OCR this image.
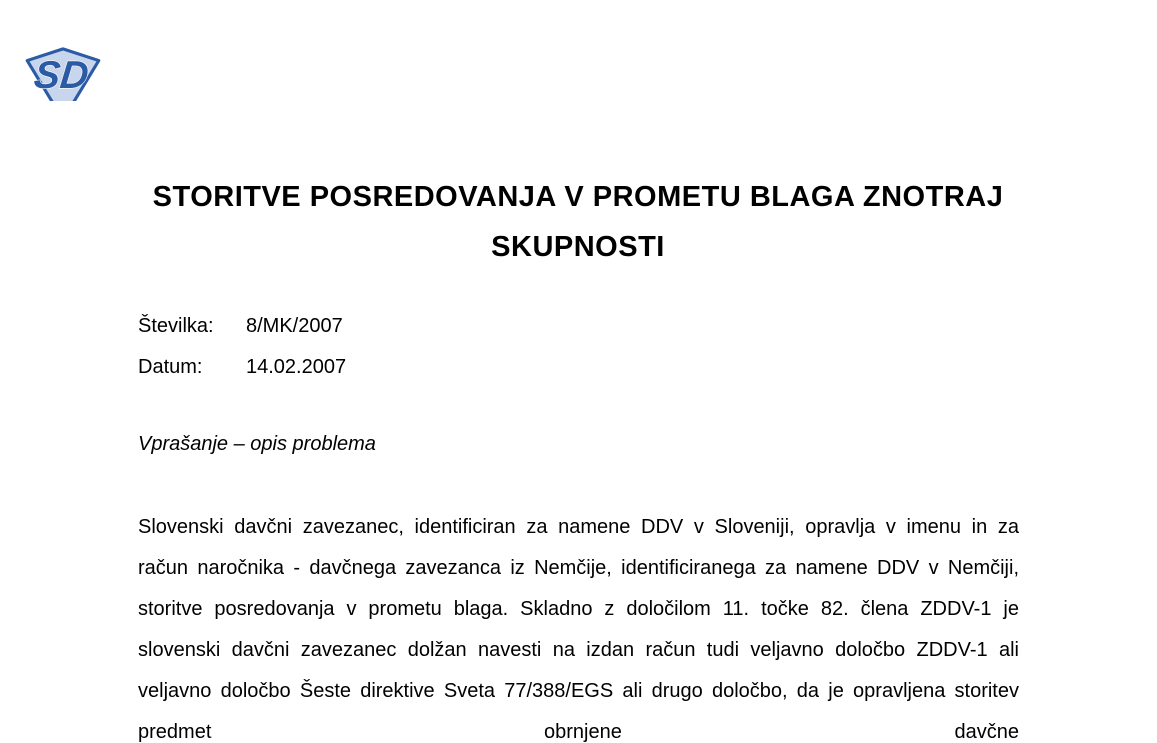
SD
STORITVE POSREDOVANJA V PROMETU BLAGA ZNOTRAJ
SKUPNOSTI
Številka:	8/MK/2007
Datum:	14.02.2007
Vprašanje – opis problema

Slovenski davčni zavezanec, identificiran za namene DDV v Sloveniji, opravlja v imenu in za račun naročnika - davčnega zavezanca iz Nemčije, identificiranega za namene DDV v Nemčiji, storitve posredovanja v prometu blaga. Skladno z določilom 11. točke 82. člena ZDDV-1 je slovenski davčni zavezanec dolžan navesti na izdan račun tudi veljavno določbo ZDDV-1 ali veljavno določbo Šeste direktive Sveta 77/388/EGS ali drugo določbo, da je opravljena storitev predmet obrnjene davčne
